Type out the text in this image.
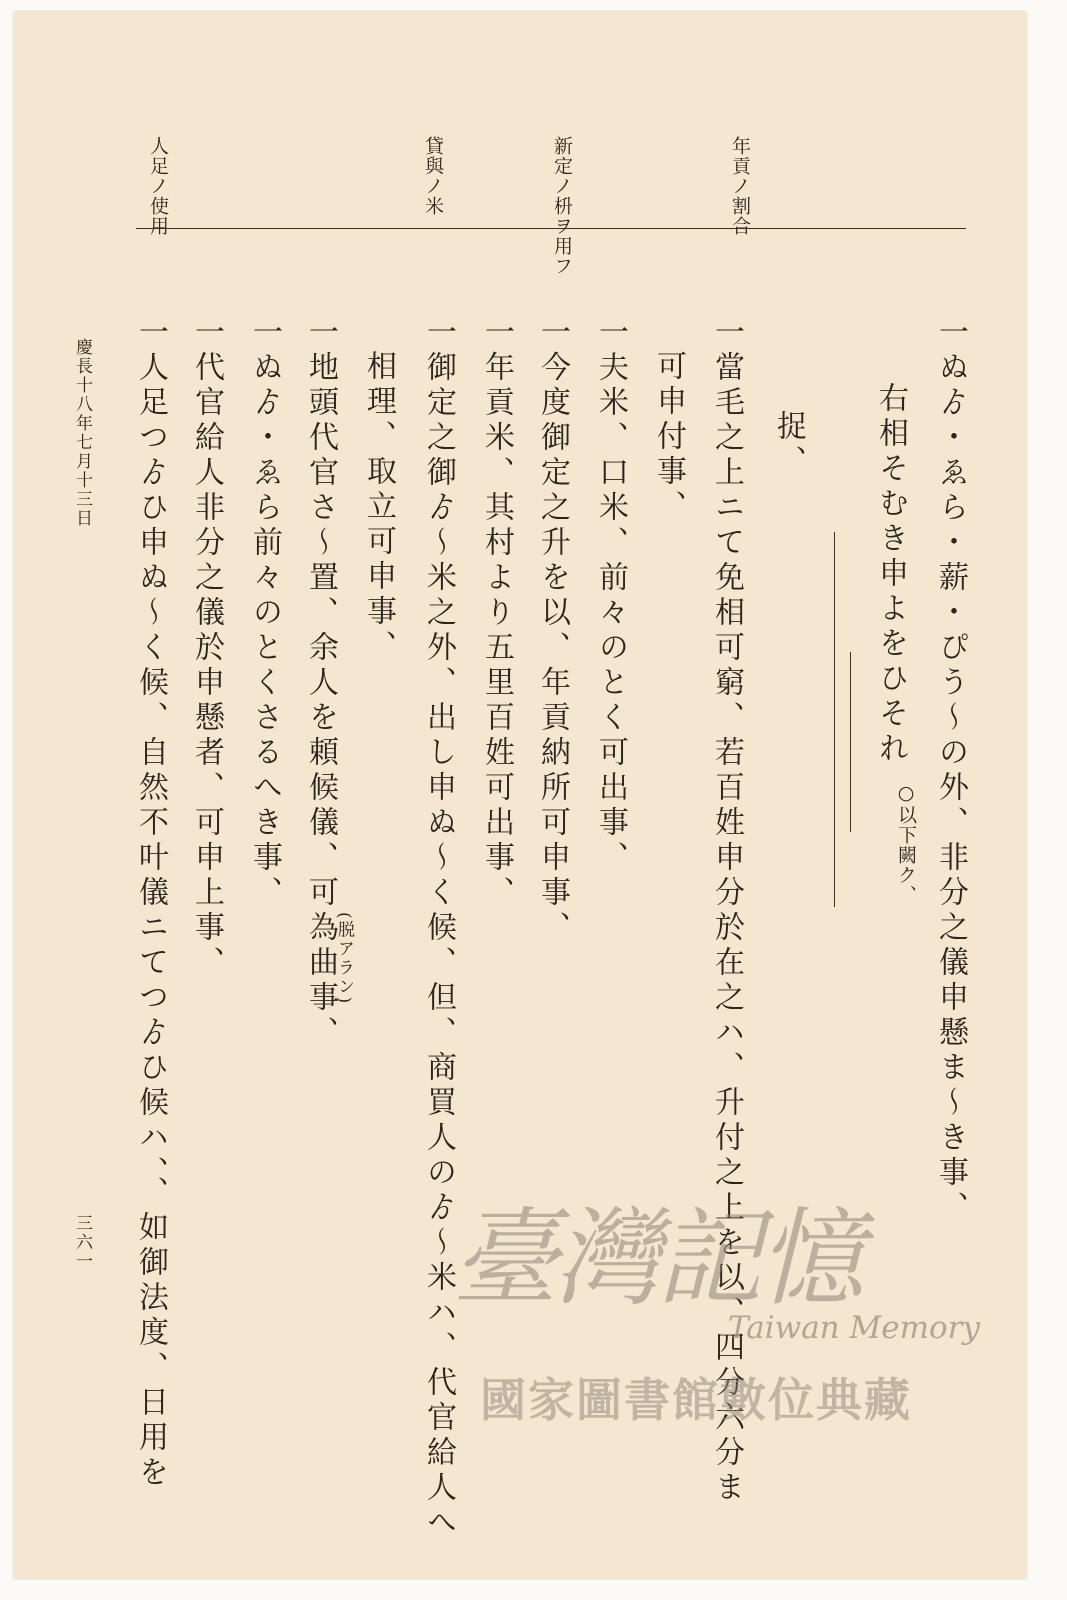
年貢ノ割合
新定ノ枡ヲ用フ
貸與ノ米
人足ノ使用
一ぬゟ・ゑら・薪・ぴう～の外、非分之儀申懸ま～き事、
右相そむき申よをひそれ
○以下闕ク、
捉、
一當毛之上ニて免相可窮、若百姓申分於在之ハ、升付之上を以、四分六分ま
可申付事、
一夫米、口米、前々のとく可出事、
一今度御定之升を以、年貢納所可申事、
一年貢米、其村より五里百姓可出事、
一御定之御ゟ～米之外、出し申ぬ～く候、但、商買人のゟ～米ハ、代官給人へ
相理、取立可申事、
一地頭代官さ～置、余人を頼候儀、可為曲事、
(脱アラン)
一ぬゟ・ゑら前々のとくさるへき事、
一代官給人非分之儀於申懸者、可申上事、
一人足つゟひ申ぬ～く候、自然不叶儀ニてつゟひ候ハ、、如御法度、日用を
慶長十八年七月十三日
三六一	臺灣記憶
Taiwan Memory
國家圖書館數位典藏
